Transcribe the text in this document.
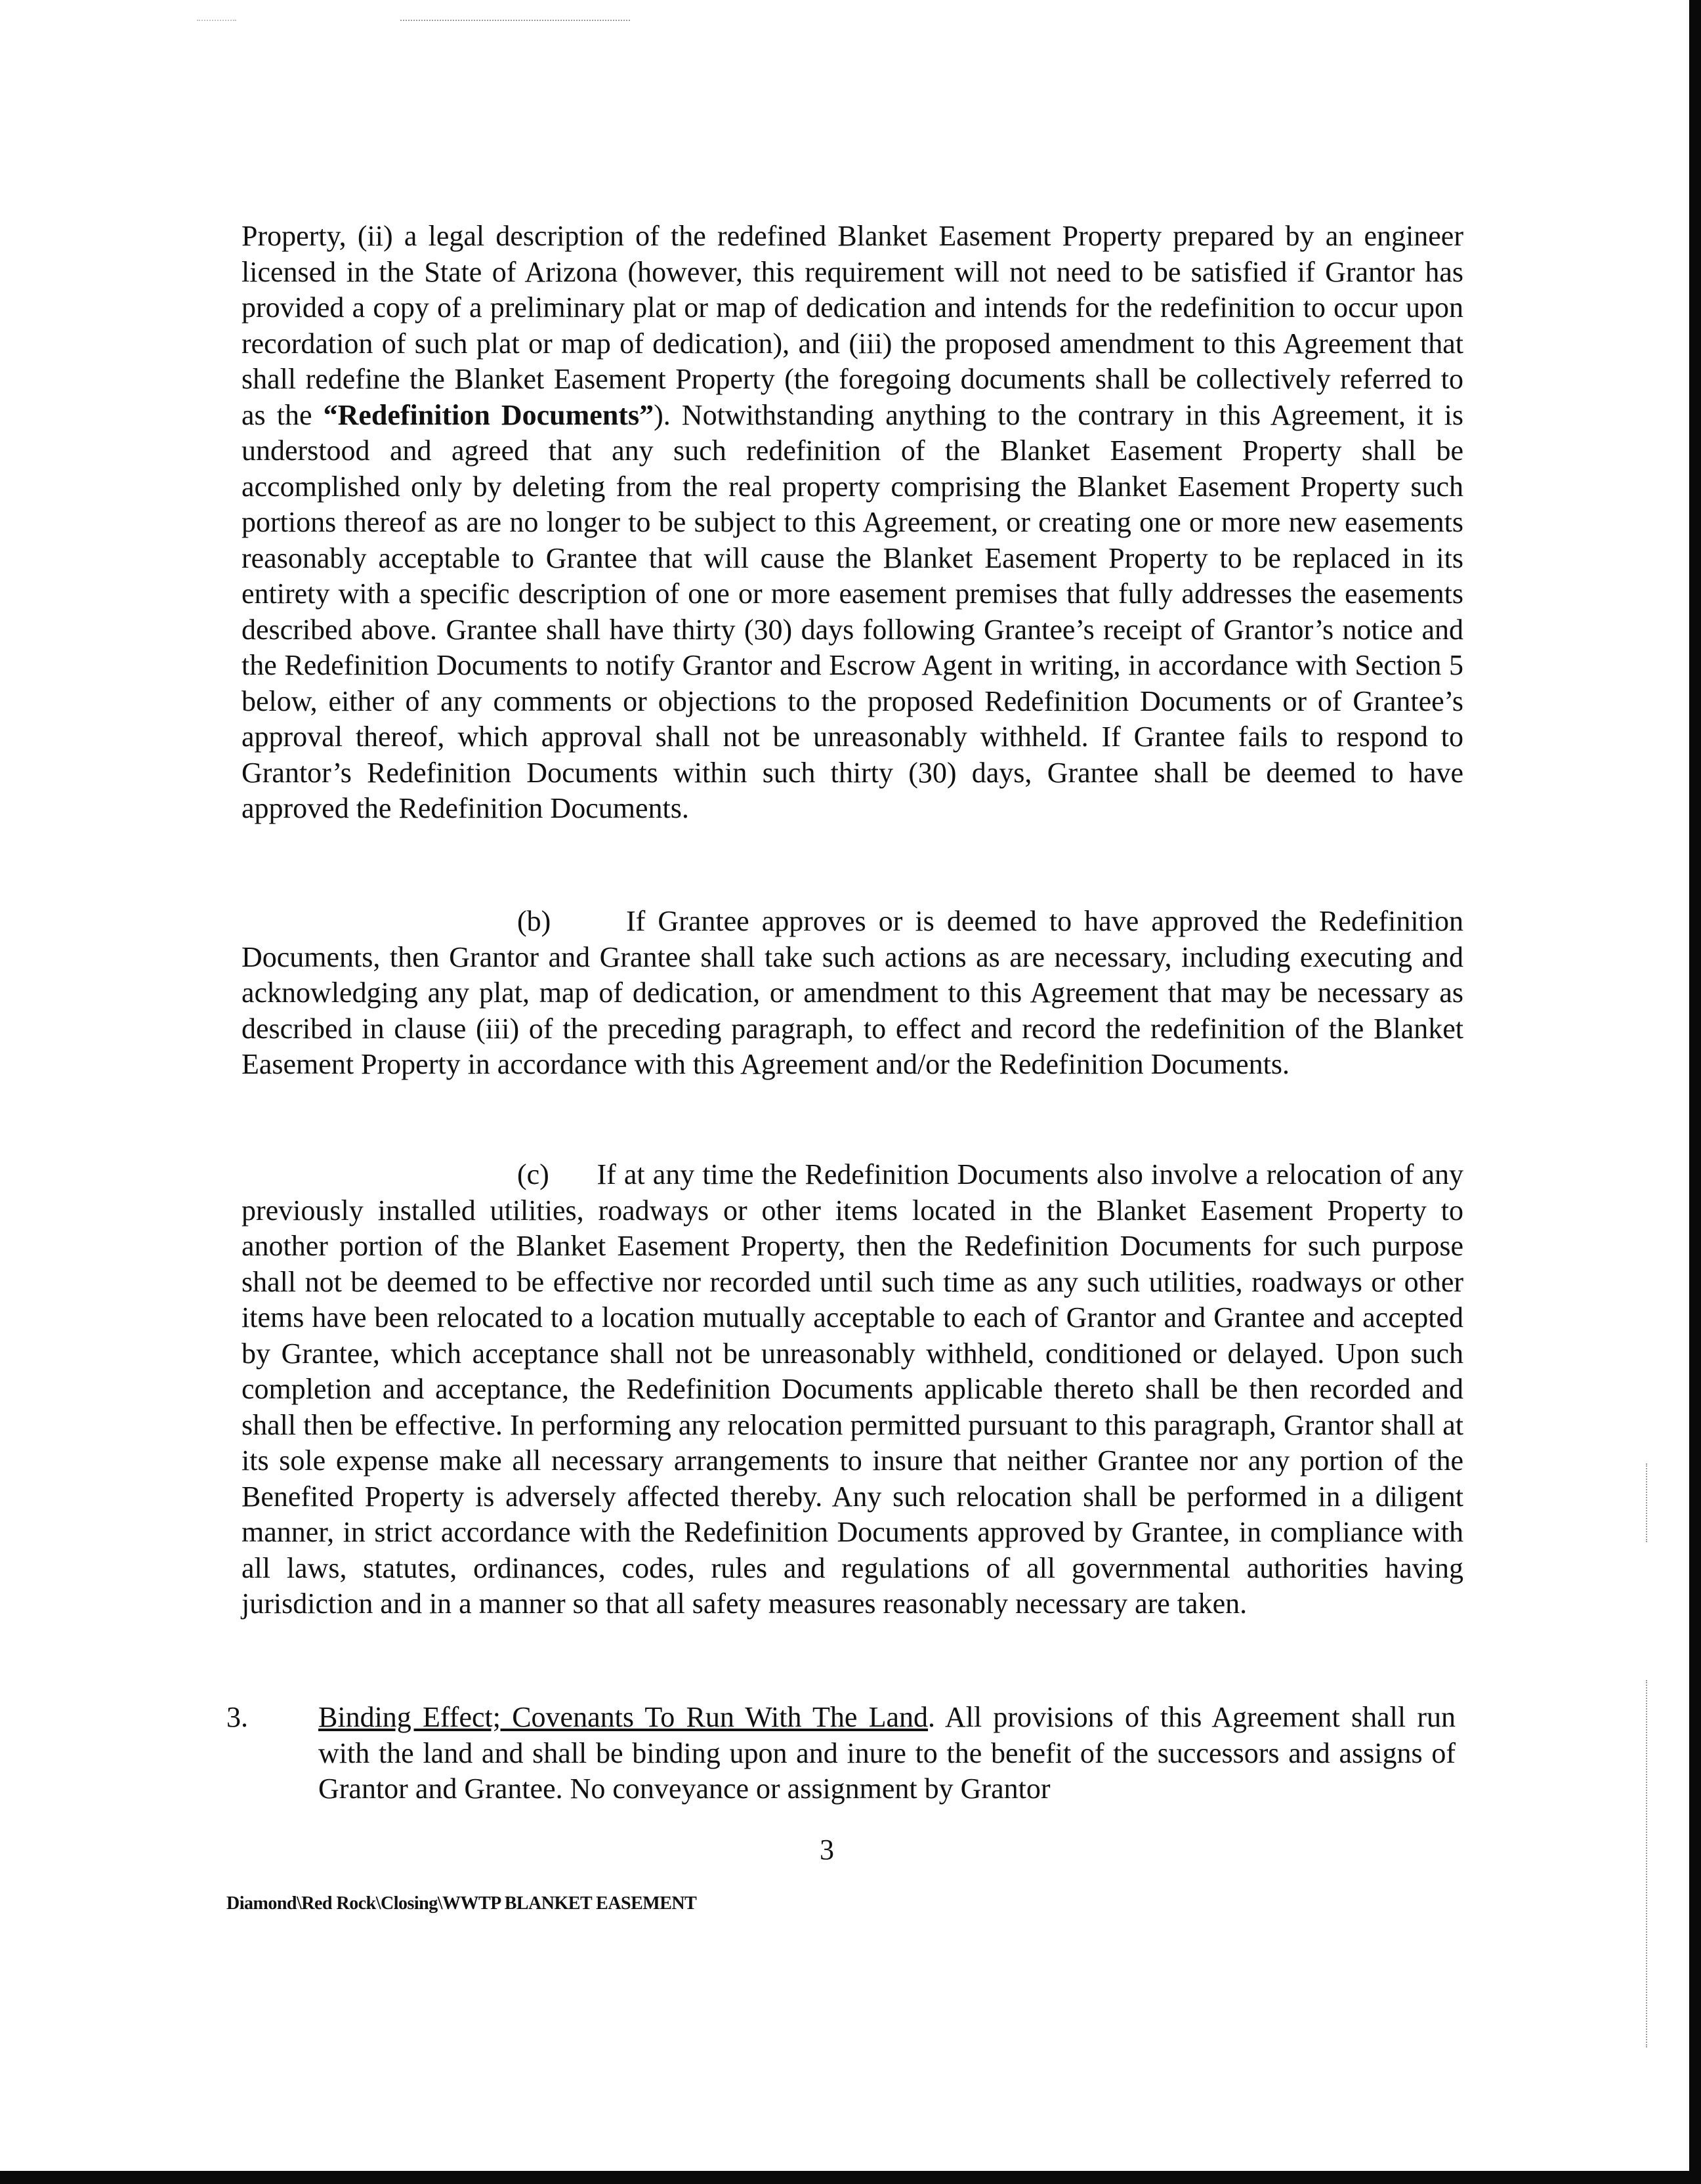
Property, (ii) a legal description of the redefined Blanket Easement Property prepared by an engineer licensed in the State of Arizona (however, this requirement will not need to be satisfied if Grantor has provided a copy of a preliminary plat or map of dedication and intends for the redefinition to occur upon recordation of such plat or map of dedication), and (iii) the proposed amendment to this Agreement that shall redefine the Blanket Easement Property (the foregoing documents shall be collectively referred to as the “Redefinition Documents”). Notwithstanding anything to the contrary in this Agreement, it is understood and agreed that any such redefinition of the Blanket Easement Property shall be accomplished only by deleting from the real property comprising the Blanket Easement Property such portions thereof as are no longer to be subject to this Agreement, or creating one or more new easements reasonably acceptable to Grantee that will cause the Blanket Easement Property to be replaced in its entirety with a specific description of one or more easement premises that fully addresses the easements described above. Grantee shall have thirty (30) days following Grantee’s receipt of Grantor’s notice and the Redefinition Documents to notify Grantor and Escrow Agent in writing, in accordance with Section 5 below, either of any comments or objections to the proposed Redefinition Documents or of Grantee’s approval thereof, which approval shall not be unreasonably withheld. If Grantee fails to respond to Grantor’s Redefinition Documents within such thirty (30) days, Grantee shall be deemed to have approved the Redefinition Documents.

(b)	If Grantee approves or is deemed to have approved the Redefinition Documents, then Grantor and Grantee shall take such actions as are necessary, including executing and acknowledging any plat, map of dedication, or amendment to this Agreement that may be necessary as described in clause (iii) of the preceding paragraph, to effect and record the redefinition of the Blanket Easement Property in accordance with this Agreement and/or the Redefinition Documents.

(c) If at any time the Redefinition Documents also involve a relocation of any previously installed utilities, roadways or other items located in the Blanket Easement Property to another portion of the Blanket Easement Property, then the Redefinition Documents for such purpose shall not be deemed to be effective nor recorded until such time as any such utilities, roadways or other items have been relocated to a location mutually acceptable to each of Grantor and Grantee and accepted by Grantee, which acceptance shall not be unreasonably withheld, conditioned or delayed. Upon such completion and acceptance, the Redefinition Documents applicable thereto shall be then recorded and shall then be effective. In performing any relocation permitted pursuant to this paragraph, Grantor shall at its sole expense make all necessary arrangements to insure that neither Grantee nor any portion of the Benefited Property is adversely affected thereby. Any such relocation shall be performed in a diligent manner, in strict accordance with the Redefinition Documents approved by Grantee, in compliance with all laws, statutes, ordinances, codes, rules and regulations of all governmental authorities having jurisdiction and in a manner so that all safety measures reasonably necessary are taken.

3. Binding Effect; Covenants To Run With The Land. All provisions of this Agreement shall run with the land and shall be binding upon and inure to the benefit of the successors and assigns of Grantor and Grantee. No conveyance or assignment by Grantor

3
Diamond\Red Rock\Closing\WWTP BLANKET EASEMENT
